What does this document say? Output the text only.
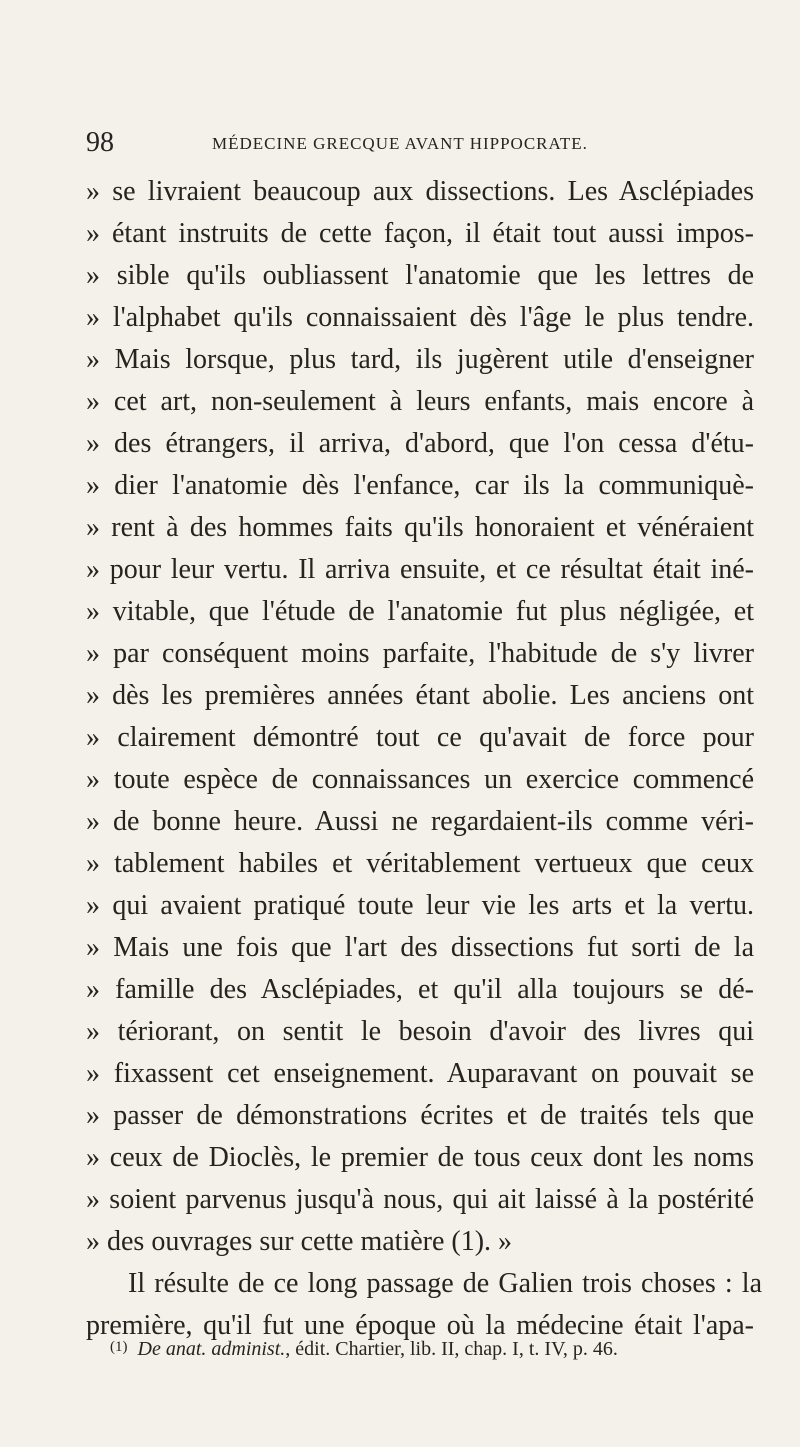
98	MÉDECINE GRECQUE AVANT HIPPOCRATE.
» se livraient beaucoup aux dissections. Les Asclépiades
» étant instruits de cette façon, il était tout aussi impos-
» sible qu'ils oubliassent l'anatomie que les lettres de
» l'alphabet qu'ils connaissaient dès l'âge le plus tendre.
» Mais lorsque, plus tard, ils jugèrent utile d'enseigner
» cet art, non-seulement à leurs enfants, mais encore à
» des étrangers, il arriva, d'abord, que l'on cessa d'étu-
» dier l'anatomie dès l'enfance, car ils la communiquè-
» rent à des hommes faits qu'ils honoraient et vénéraient
» pour leur vertu. Il arriva ensuite, et ce résultat était iné-
» vitable, que l'étude de l'anatomie fut plus négligée, et
» par conséquent moins parfaite, l'habitude de s'y livrer
» dès les premières années étant abolie. Les anciens ont
» clairement démontré tout ce qu'avait de force pour
» toute espèce de connaissances un exercice commencé
» de bonne heure. Aussi ne regardaient-ils comme véri-
» tablement habiles et véritablement vertueux que ceux
» qui avaient pratiqué toute leur vie les arts et la vertu.
» Mais une fois que l'art des dissections fut sorti de la
» famille des Asclépiades, et qu'il alla toujours se dé-
» tériorant, on sentit le besoin d'avoir des livres qui
» fixassent cet enseignement. Auparavant on pouvait se
» passer de démonstrations écrites et de traités tels que
» ceux de Dioclès, le premier de tous ceux dont les noms
» soient parvenus jusqu'à nous, qui ait laissé à la postérité
» des ouvrages sur cette matière (1). »
Il résulte de ce long passage de Galien trois choses : la
première, qu'il fut une époque où la médecine était l'apa-
$^{(1)}$ De anat. administ., édit. Chartier, lib. II, chap. I, t. IV, p. 46.
